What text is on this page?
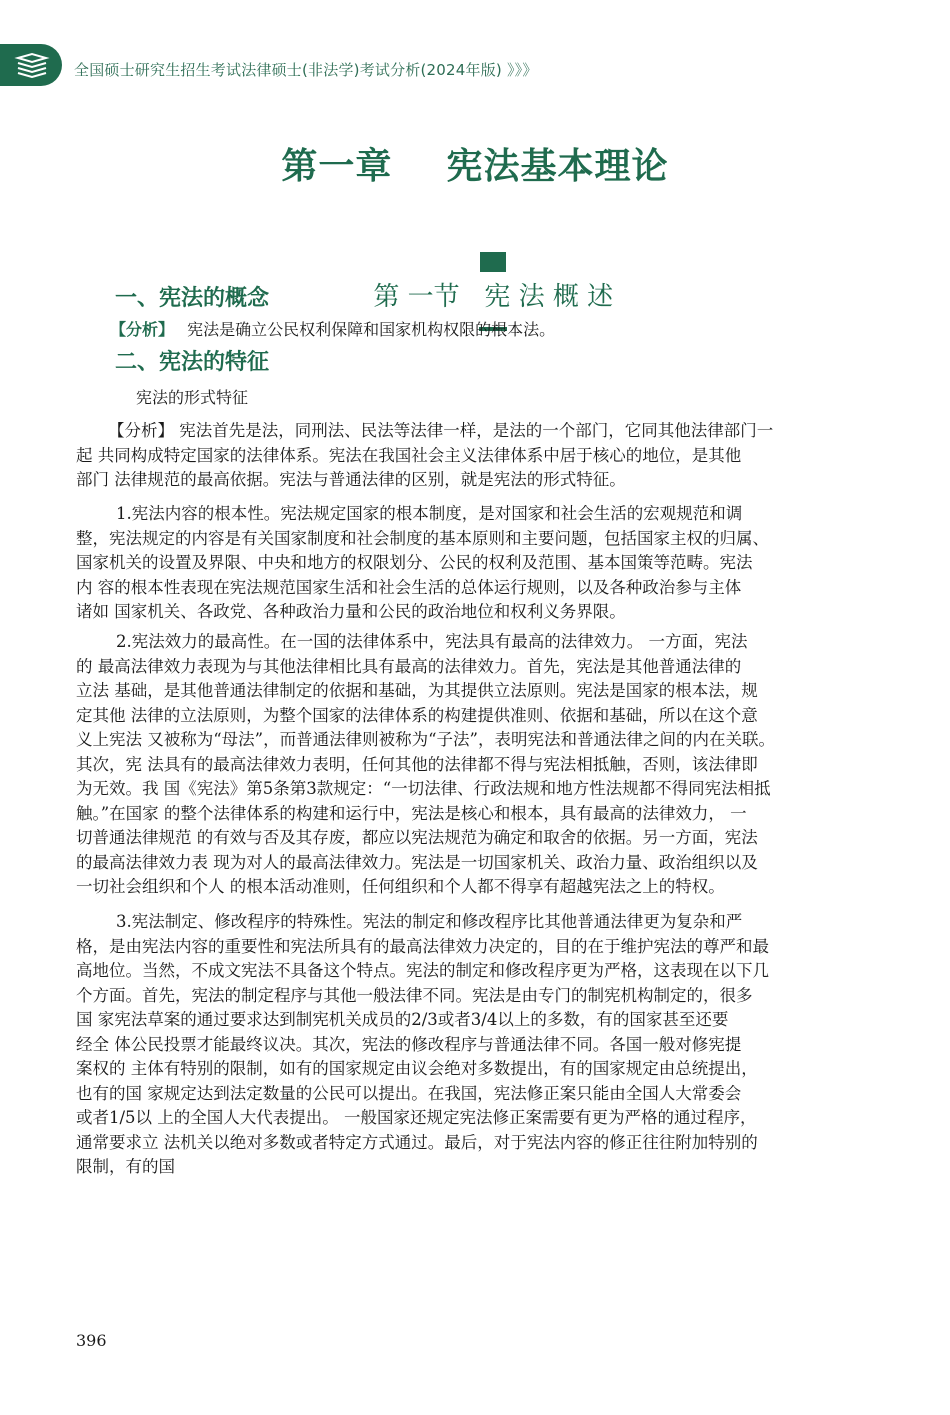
全国硕士研究生招生考试法律硕士(非法学)考试分析(2024年版) 》》》
第一章    宪法基本理论

第 一节   宪 法 概 述

一、宪法的概念
【分析】 宪法是确立公民权利保障和国家机构权限的根本法。
二、宪法的特征
宪法的形式特征
【分析】 宪法首先是法，同刑法、民法等法律一样，是法的一个部门，它同其他法律部门一
起 共同构成特定国家的法律体系。宪法在我国社会主义法律体系中居于核心的地位，是其他
部门 法律规范的最高依据。宪法与普通法律的区别，就是宪法的形式特征。
1.宪法内容的根本性。宪法规定国家的根本制度，是对国家和社会生活的宏观规范和调
整，宪法规定的内容是有关国家制度和社会制度的基本原则和主要问题，包括国家主权的归属、
国家机关的设置及界限、中央和地方的权限划分、公民的权利及范围、基本国策等范畴。宪法
内 容的根本性表现在宪法规范国家生活和社会生活的总体运行规则，以及各种政治参与主体
诸如 国家机关、各政党、各种政治力量和公民的政治地位和权利义务界限。
2.宪法效力的最高性。在一国的法律体系中，宪法具有最高的法律效力。 一方面，宪法
的 最高法律效力表现为与其他法律相比具有最高的法律效力。首先，宪法是其他普通法律的
立法 基础，是其他普通法律制定的依据和基础，为其提供立法原则。宪法是国家的根本法，规
定其他 法律的立法原则，为整个国家的法律体系的构建提供准则、依据和基础，所以在这个意
义上宪法 又被称为“母法”，而普通法律则被称为“子法”，表明宪法和普通法律之间的内在关联。
其次，宪 法具有的最高法律效力表明，任何其他的法律都不得与宪法相抵触，否则，该法律即
为无效。我 国《宪法》第5条第3款规定：“一切法律、行政法规和地方性法规都不得同宪法相抵
触。”在国家 的整个法律体系的构建和运行中，宪法是核心和根本，具有最高的法律效力， 一
切普通法律规范 的有效与否及其存废，都应以宪法规范为确定和取舍的依据。另一方面，宪法
的最高法律效力表 现为对人的最高法律效力。宪法是一切国家机关、政治力量、政治组织以及
一切社会组织和个人 的根本活动准则，任何组织和个人都不得享有超越宪法之上的特权。
3.宪法制定、修改程序的特殊性。宪法的制定和修改程序比其他普通法律更为复杂和严
格，是由宪法内容的重要性和宪法所具有的最高法律效力决定的，目的在于维护宪法的尊严和最
高地位。当然，不成文宪法不具备这个特点。宪法的制定和修改程序更为严格，这表现在以下几
个方面。首先，宪法的制定程序与其他一般法律不同。宪法是由专门的制宪机构制定的，很多
国 家宪法草案的通过要求达到制宪机关成员的2/3或者3/4以上的多数，有的国家甚至还要
经全 体公民投票才能最终议决。其次，宪法的修改程序与普通法律不同。各国一般对修宪提
案权的 主体有特别的限制，如有的国家规定由议会绝对多数提出，有的国家规定由总统提出，
也有的国 家规定达到法定数量的公民可以提出。在我国，宪法修正案只能由全国人大常委会
或者1/5以 上的全国人大代表提出。 一般国家还规定宪法修正案需要有更为严格的通过程序，
通常要求立 法机关以绝对多数或者特定方式通过。最后，对于宪法内容的修正往往附加特别的
限制，有的国
396
